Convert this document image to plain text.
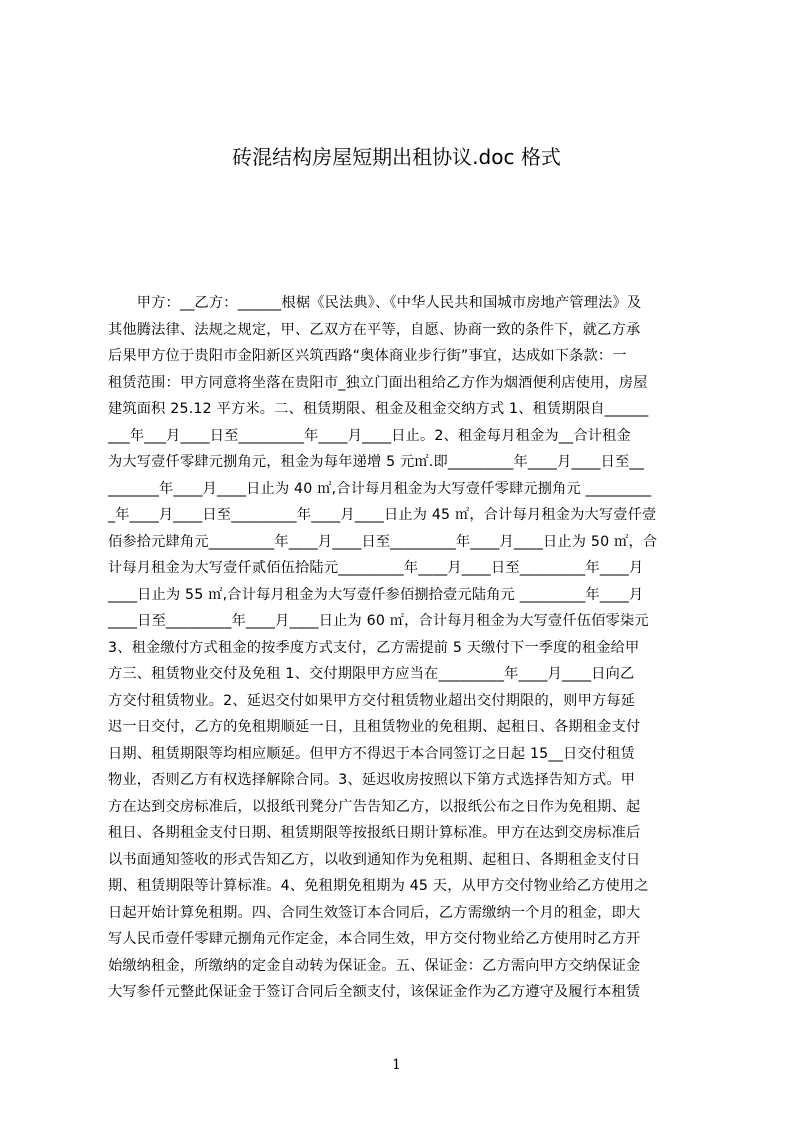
砖混结构房屋短期出租协议.doc 格式
　　甲方：__乙方：______根椐《民法典》、《中华人民共和国城市房地产管理法》及
其他腾法律、法规之规定，甲、乙双方在平等，自愿、协商一致的条件下，就乙方承
后果甲方位于贵阳市金阳新区兴筑西路“奥体商业步行街”事宜，达成如下条款：一
租赁范围：甲方同意将坐落在贵阳市_独立门面出租给乙方作为烟酒便利店使用，房屋
建筑面积 25.12 平方米。二、租赁期限、租金及租金交纳方式 1、租赁期限自______
___年___月____日至_________年____月____日止。2、租金每月租金为__合计租金
为大写壹仟零肆元捌角元，租金为每年递增 5 元㎡.即_________年____月____日至__
_______年____月____日止为 40 ㎡,合计每月租金为大写壹仟零肆元捌角元 _________
_年____月____日至_________年____月____日止为 45 ㎡，合计每月租金为大写壹仟壹
佰参拾元肆角元_________年____月____日至_________年____月____日止为 50 ㎡，合
计每月租金为大写壹仟贰佰伍拾陆元_________年____月____日至_________年____月
____日止为 55 ㎡,合计每月租金为大写壹仟参佰捌拾壹元陆角元 _________年____月
____日至_________年____月____日止为 60 ㎡，合计每月租金为大写壹仟伍佰零柒元
3、租金缴付方式租金的按季度方式支付，乙方需提前 5 天缴付下一季度的租金给甲
方三、租赁物业交付及免租 1、交付期限甲方应当在_________年____月____日向乙
方交付租赁物业。2、延迟交付如果甲方交付租赁物业超出交付期限的，则甲方每延
迟一日交付，乙方的免租期顺延一日，且租赁物业的免租期、起租日、各期租金支付
日期、租赁期限等均相应顺延。但甲方不得迟于本合同签订之日起 15__日交付租赁
物业，否则乙方有权选择解除合同。3、延迟收房按照以下第方式选择告知方式。甲
方在达到交房标准后，以报纸刊凳分广告告知乙方，以报纸公布之日作为免租期、起
租日、各期租金支付日期、租赁期限等按报纸日期计算标准。甲方在达到交房标准后
以书面通知签收的形式告知乙方，以收到通知作为免租期、起租日、各期租金支付日
期、租赁期限等计算标准。4、免租期免租期为 45 天，从甲方交付物业给乙方使用之
日起开始计算免租期。四、合同生效签订本合同后，乙方需缴纳一个月的租金，即大
写人民币壹仟零肆元捌角元作定金，本合同生效，甲方交付物业给乙方使用时乙方开
始缴纳租金，所缴纳的定金自动转为保证金。五、保证金：乙方需向甲方交纳保证金
大写参仟元整此保证金于签订合同后全额支付，该保证金作为乙方遵守及履行本租赁
1
